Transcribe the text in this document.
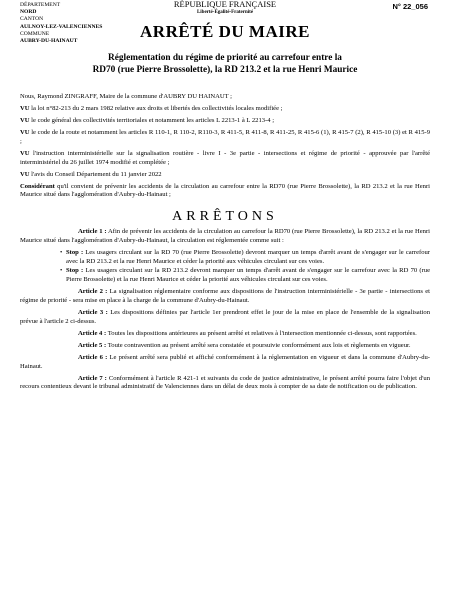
DÉPARTEMENT
NORD
CANTON
AULNOY-LEZ-VALENCIENNES
COMMUNE
AUBRY-DU-HAINAUT
RÉPUBLIQUE FRANÇAISE
Liberté-Égalité-Fraternité
N° 22_056
ARRÊTÉ DU MAIRE
Réglementation du régime de priorité au carrefour entre la
RD70 (rue Pierre Brossolette), la RD 213.2 et la rue Henri Maurice

Nous, Raymond ZINGRAFF, Maire de la commune d'AUBRY DU HAINAUT ;

VU la loi n°82-213 du 2 mars 1982 relative aux droits et libertés des collectivités locales modifiée ;

VU le code général des collectivités territoriales et notamment les articles L 2213-1 à L 2213-4 ;

VU le code de la route et notamment les articles R 110-1, R 110-2, R110-3, R 411-5, R 411-8, R 411-25, R 415-6 (1), R 415-7 (2), R 415-10 (3) et R 415-9 ;

VU l'instruction interministérielle sur la signalisation routière - livre I - 3e partie - intersections et régime de priorité - approuvée par l'arrêté interministériel du 26 juillet 1974 modifié et complétée ;

VU l'avis du Conseil Département du 11 janvier 2022

Considérant qu'il convient de prévenir les accidents de la circulation au carrefour entre la RD70 (rue Pierre Brossolette), la RD 213.2 et la rue Henri Maurice situé dans l'agglomération d'Aubry-du-Hainaut ;

ARRÊTONS

Article 1 : Afin de prévenir les accidents de la circulation au carrefour la RD70 (rue Pierre Brossolette), la RD 213.2 et la rue Henri Maurice situé dans l'agglomération d'Aubry-du-Hainaut, la circulation est réglementée comme suit :

• Stop : Les usagers circulant sur la RD 70 (rue Pierre Brossolette) devront marquer un temps d'arrêt avant de s'engager sur le carrefour avec la RD 213.2 et la rue Henri Maurice et céder la priorité aux véhicules circulant sur ces voies.
• Stop : Les usagers circulant sur la RD 213.2 devront marquer un temps d'arrêt avant de s'engager sur le carrefour avec la RD 70 (rue Pierre Brossolette) et la rue Henri Maurice et céder la priorité aux véhicules circulant sur ces voies.

Article 2 : La signalisation réglementaire conforme aux dispositions de l'instruction interministérielle - 3e partie - intersections et régime de priorité - sera mise en place à la charge de la commune d'Aubry-du-Hainaut.

Article 3 : Les dispositions définies par l'article 1er prendront effet le jour de la mise en place de l'ensemble de la signalisation prévue à l'article 2 ci-dessus.

Article 4 : Toutes les dispositions antérieures au présent arrêté et relatives à l'intersection mentionnée ci-dessus, sont rapportées.

Article 5 : Toute contravention au présent arrêté sera constatée et poursuivie conformément aux lois et règlements en vigueur.

Article 6 : Le présent arrêté sera publié et affiché conformément à la réglementation en vigueur et dans la commune d'Aubry-du-Hainaut.

Article 7 : Conformément à l'article R 421-1 et suivants du code de justice administrative, le présent arrêté pourra faire l'objet d'un recours contentieux devant le tribunal administratif de Valenciennes dans un délai de deux mois à compter de sa date de notification ou de publication.
